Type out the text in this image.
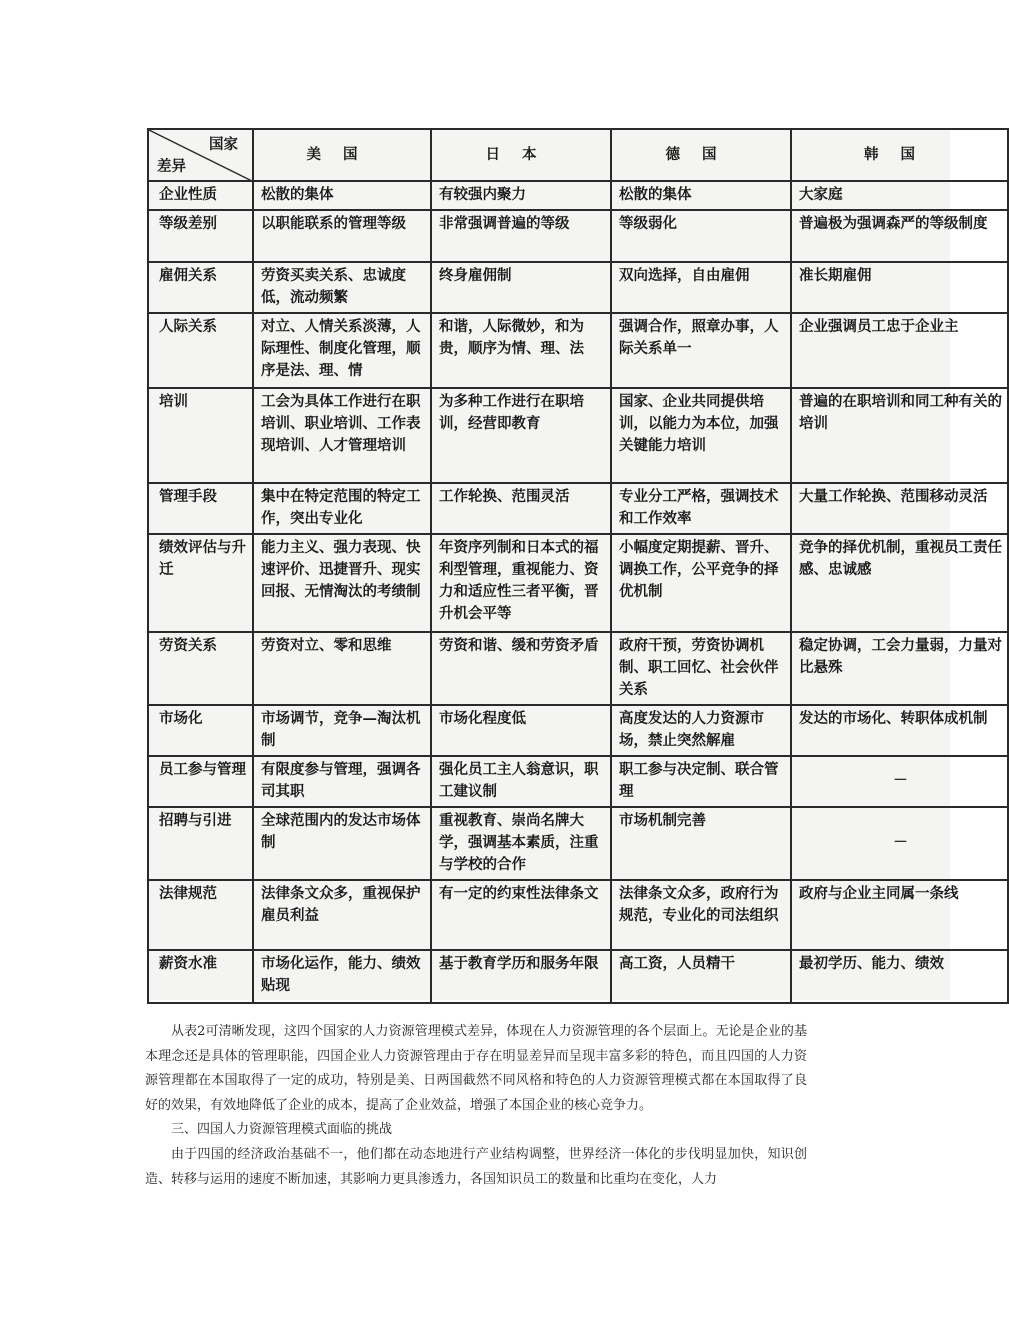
国家
差异	美国	日本	德国	韩国
企业性质	松散的集体	有较强内聚力	松散的集体	大家庭
等级差别	以职能联系的管理等级	非常强调普遍的等级	等级弱化	普遍极为强调森严的等级制度
雇佣关系	劳资买卖关系、忠诚度低，流动频繁	终身雇佣制	双向选择，自由雇佣	准长期雇佣
人际关系	对立、人情关系淡薄，人际理性、制度化管理，顺序是法、理、情	和谐，人际微妙，和为贵，顺序为情、理、法	强调合作，照章办事，人际关系单一	企业强调员工忠于企业主
培训	工会为具体工作进行在职培训、职业培训、工作表现培训、人才管理培训	为多种工作进行在职培训，经营即教育	国家、企业共同提供培训，以能力为本位，加强关键能力培训	普遍的在职培训和同工种有关的培训
管理手段	集中在特定范围的特定工作，突出专业化	工作轮换、范围灵活	专业分工严格，强调技术和工作效率	大量工作轮换、范围移动灵活
绩效评估与升迁	能力主义、强力表现、快速评价、迅捷晋升、现实回报、无情淘汰的考绩制	年资序列制和日本式的福利型管理，重视能力、资力和适应性三者平衡，晋升机会平等	小幅度定期提薪、晋升、调换工作，公平竞争的择优机制	竞争的择优机制，重视员工责任感、忠诚感
劳资关系	劳资对立、零和思维	劳资和谐、缓和劳资矛盾	政府干预，劳资协调机制、职工回忆、社会伙伴关系	稳定协调，工会力量弱，力量对比悬殊
市场化	市场调节，竞争—淘汰机制	市场化程度低	高度发达的人力资源市场，禁止突然解雇	发达的市场化、转职体成机制
员工参与管理	有限度参与管理，强调各司其职	强化员工主人翁意识，职工建议制	职工参与决定制、联合管理	－
招聘与引进	全球范围内的发达市场体制	重视教育、崇尚名牌大学，强调基本素质，注重与学校的合作	市场机制完善	－
法律规范	法律条文众多，重视保护雇员利益	有一定的约束性法律条文	法律条文众多，政府行为规范，专业化的司法组织	政府与企业主同属一条线
薪资水准	市场化运作，能力、绩效贴现	基于教育学历和服务年限	高工资，人员精干	最初学历、能力、绩效

从表2可清晰发现，这四个国家的人力资源管理模式差异，体现在人力资源管理的各个层面上。无论是企业的基本理念还是具体的管理职能，四国企业人力资源管理由于存在明显差异而呈现丰富多彩的特色，而且四国的人力资源管理都在本国取得了一定的成功，特别是美、日两国截然不同风格和特色的人力资源管理模式都在本国取得了良好的效果，有效地降低了企业的成本，提高了企业效益，增强了本国企业的核心竞争力。

三、四国人力资源管理模式面临的挑战

由于四国的经济政治基础不一，他们都在动态地进行产业结构调整，世界经济一体化的步伐明显加快，知识创造、转移与运用的速度不断加速，其影响力更具渗透力，各国知识员工的数量和比重均在变化，人力
